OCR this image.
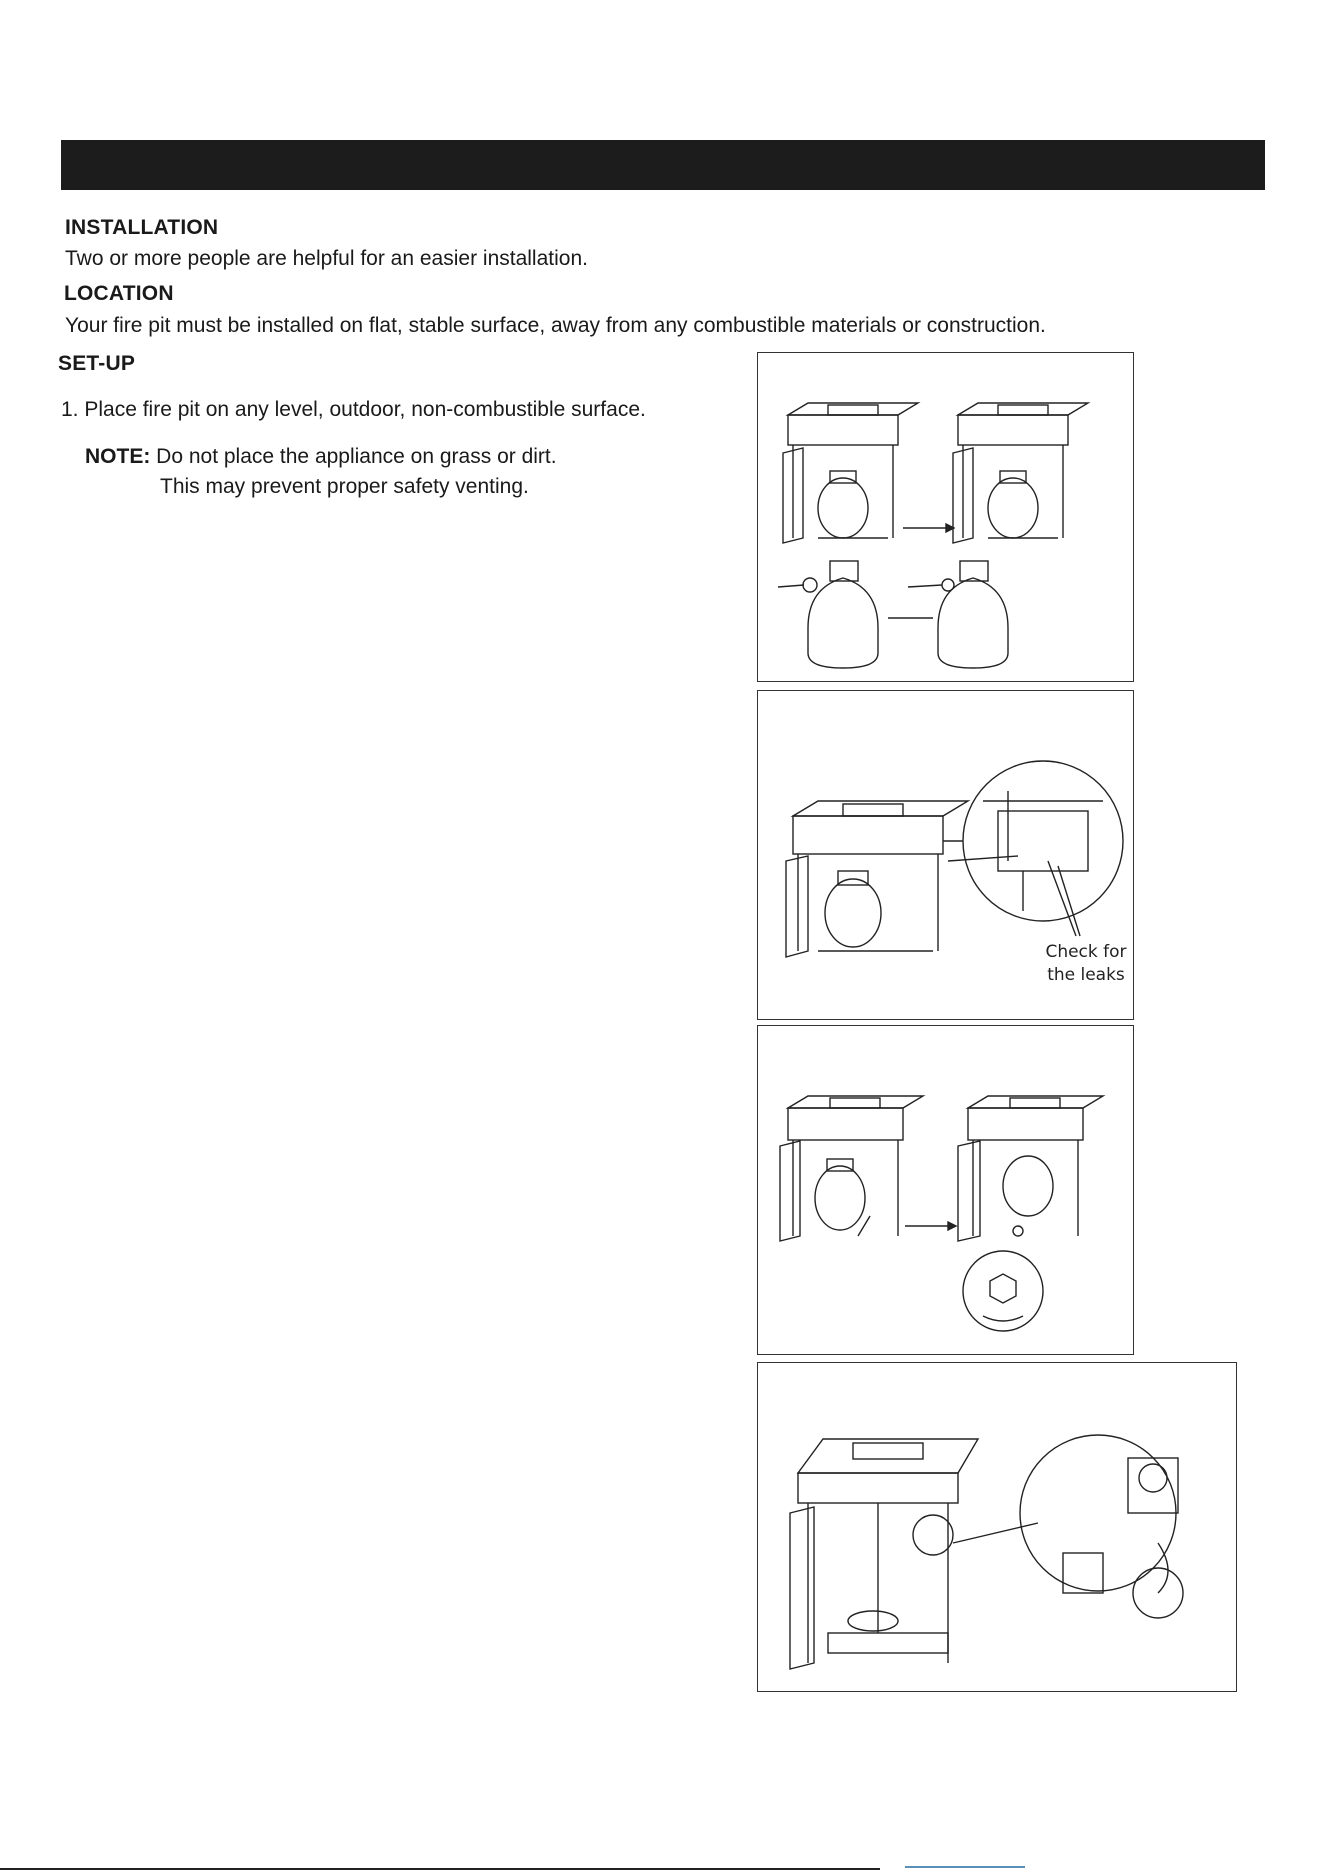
INSTALLATION
Two or more people are helpful for an easier installation.
LOCATION
Your fire pit must be installed on flat, stable surface, away from any combustible materials or construction.
SET-UP
1. Place fire pit on any level, outdoor, non-combustible surface.
NOTE: Do not place the appliance on grass or dirt.
This may prevent proper safety venting.
Check for
the leaks
